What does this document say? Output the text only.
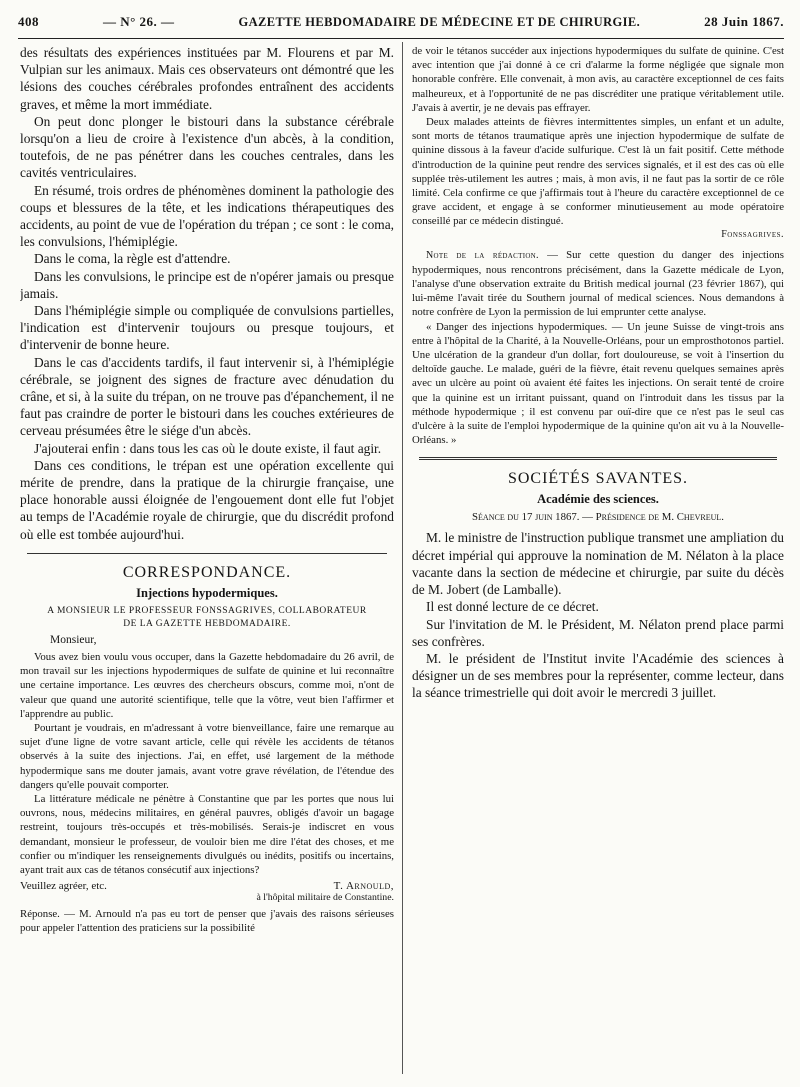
408	— N° 26. —	GAZETTE HEBDOMADAIRE DE MÉDECINE ET DE CHIRURGIE.	28 Juin 1867.

des résultats des expériences instituées par M. Flourens et par M. Vulpian sur les animaux. Mais ces observateurs ont démontré que les lésions des couches cérébrales profondes entraînent des accidents graves, et même la mort immédiate.

On peut donc plonger le bistouri dans la substance cérébrale lorsqu'on a lieu de croire à l'existence d'un abcès, à la condition, toutefois, de ne pas pénétrer dans les couches centrales, dans les cavités ventriculaires.

En résumé, trois ordres de phénomènes dominent la pathologie des coups et blessures de la tête, et les indications thérapeutiques des accidents, au point de vue de l'opération du trépan ; ce sont : le coma, les convulsions, l'hémiplégie.

Dans le coma, la règle est d'attendre.

Dans les convulsions, le principe est de n'opérer jamais ou presque jamais.

Dans l'hémiplégie simple ou compliquée de convulsions partielles, l'indication est d'intervenir toujours ou presque toujours, et d'intervenir de bonne heure.

Dans le cas d'accidents tardifs, il faut intervenir si, à l'hémiplégie cérébrale, se joignent des signes de fracture avec dénudation du crâne, et si, à la suite du trépan, on ne trouve pas d'épanchement, il ne faut pas craindre de porter le bistouri dans les couches extérieures de cerveau présumées être le siége d'un abcès.

J'ajouterai enfin : dans tous les cas où le doute existe, il faut agir.

Dans ces conditions, le trépan est une opération excellente qui mérite de prendre, dans la pratique de la chirurgie française, une place honorable aussi éloignée de l'engouement dont elle fut l'objet au temps de l'Académie royale de chirurgie, que du discrédit profond où elle est tombée aujourd'hui.

CORRESPONDANCE.
Injections hypodermiques.
A MONSIEUR LE PROFESSEUR FONSSAGRIVES, COLLABORATEUR
DE LA GAZETTE HEBDOMADAIRE.
Monsieur,

Vous avez bien voulu vous occuper, dans la Gazette hebdomadaire du 26 avril, de mon travail sur les injections hypodermiques de sulfate de quinine et lui reconnaître une certaine importance. Les œuvres des chercheurs obscurs, comme moi, n'ont de valeur que quand une autorité scientifique, telle que la vôtre, veut bien l'affirmer et l'apprendre au public.

Pourtant je voudrais, en m'adressant à votre bienveillance, faire une remarque au sujet d'une ligne de votre savant article, celle qui révèle les accidents de tétanos observés à la suite des injections. J'ai, en effet, usé largement de la méthode hypodermique sans me douter jamais, avant votre grave révélation, de l'étendue des dangers qu'elle pouvait comporter.

La littérature médicale ne pénètre à Constantine que par les portes que nous lui ouvrons, nous, médecins militaires, en général pauvres, obligés d'avoir un bagage restreint, toujours très-occupés et très-mobilisés. Serais-je indiscret en vous demandant, monsieur le professeur, de vouloir bien me dire l'état des choses, et me confier ou m'indiquer les renseignements divulgués ou inédits, positifs ou incertains, ayant trait aux cas de tétanos consécutif aux injections?

Veuillez agréer, etc.	T. Arnould,
à l'hôpital militaire de Constantine.

Réponse. — M. Arnould n'a pas eu tort de penser que j'avais des raisons sérieuses pour appeler l'attention des praticiens sur la possibilité

de voir le tétanos succéder aux injections hypodermiques du sulfate de quinine. C'est avec intention que j'ai donné à ce cri d'alarme la forme négligée que signale mon honorable confrère. Elle convenait, à mon avis, au caractère exceptionnel de ces faits malheureux, et à l'opportunité de ne pas discréditer une pratique véritablement utile. J'avais à avertir, je ne devais pas effrayer.

Deux malades atteints de fièvres intermittentes simples, un enfant et un adulte, sont morts de tétanos traumatique après une injection hypodermique de sulfate de quinine dissous à la faveur d'acide sulfurique. C'est là un fait positif. Cette méthode d'introduction de la quinine peut rendre des services signalés, et il est des cas où elle supplée très-utilement les autres ; mais, à mon avis, il ne faut pas la sortir de ce rôle limité. Cela confirme ce que j'affirmais tout à l'heure du caractère exceptionnel de ce grave accident, et engage à se conformer minutieusement au mode opératoire conseillé par ce médecin distingué.

Fonssagrives.

Note de la rédaction. — Sur cette question du danger des injections hypodermiques, nous rencontrons précisément, dans la Gazette médicale de Lyon, l'analyse d'une observation extraite du British medical journal (23 février 1867), qui lui-même l'avait tirée du Southern journal of medical sciences. Nous demandons à notre confrère de Lyon la permission de lui emprunter cette analyse.

« Danger des injections hypodermiques. — Un jeune Suisse de vingt-trois ans entre à l'hôpital de la Charité, à la Nouvelle-Orléans, pour un emprosthotonos partiel. Une ulcération de la grandeur d'un dollar, fort douloureuse, se voit à l'insertion du deltoïde gauche. Le malade, guéri de la fièvre, était revenu quelques semaines après avec un ulcère au point où avaient été faites les injections. On serait tenté de croire que la quinine est un irritant puissant, quand on l'introduit dans les tissus par la méthode hypodermique ; il est convenu par ouï-dire que ce n'est pas le seul cas d'ulcère à la suite de l'emploi hypodermique de la quinine qu'on ait vu à la Nouvelle-Orléans. »

SOCIÉTÉS SAVANTES.
Académie des sciences.
Séance du 17 juin 1867. — Présidence de M. Chevreul.

M. le ministre de l'instruction publique transmet une ampliation du décret impérial qui approuve la nomination de M. Nélaton à la place vacante dans la section de médecine et chirurgie, par suite du décès de M. Jobert (de Lamballe).

Il est donné lecture de ce décret.

Sur l'invitation de M. le Président, M. Nélaton prend place parmi ses confrères.

M. le président de l'Institut invite l'Académie des sciences à désigner un de ses membres pour la représenter, comme lecteur, dans la séance trimestrielle qui doit avoir le mercredi 3 juillet.
